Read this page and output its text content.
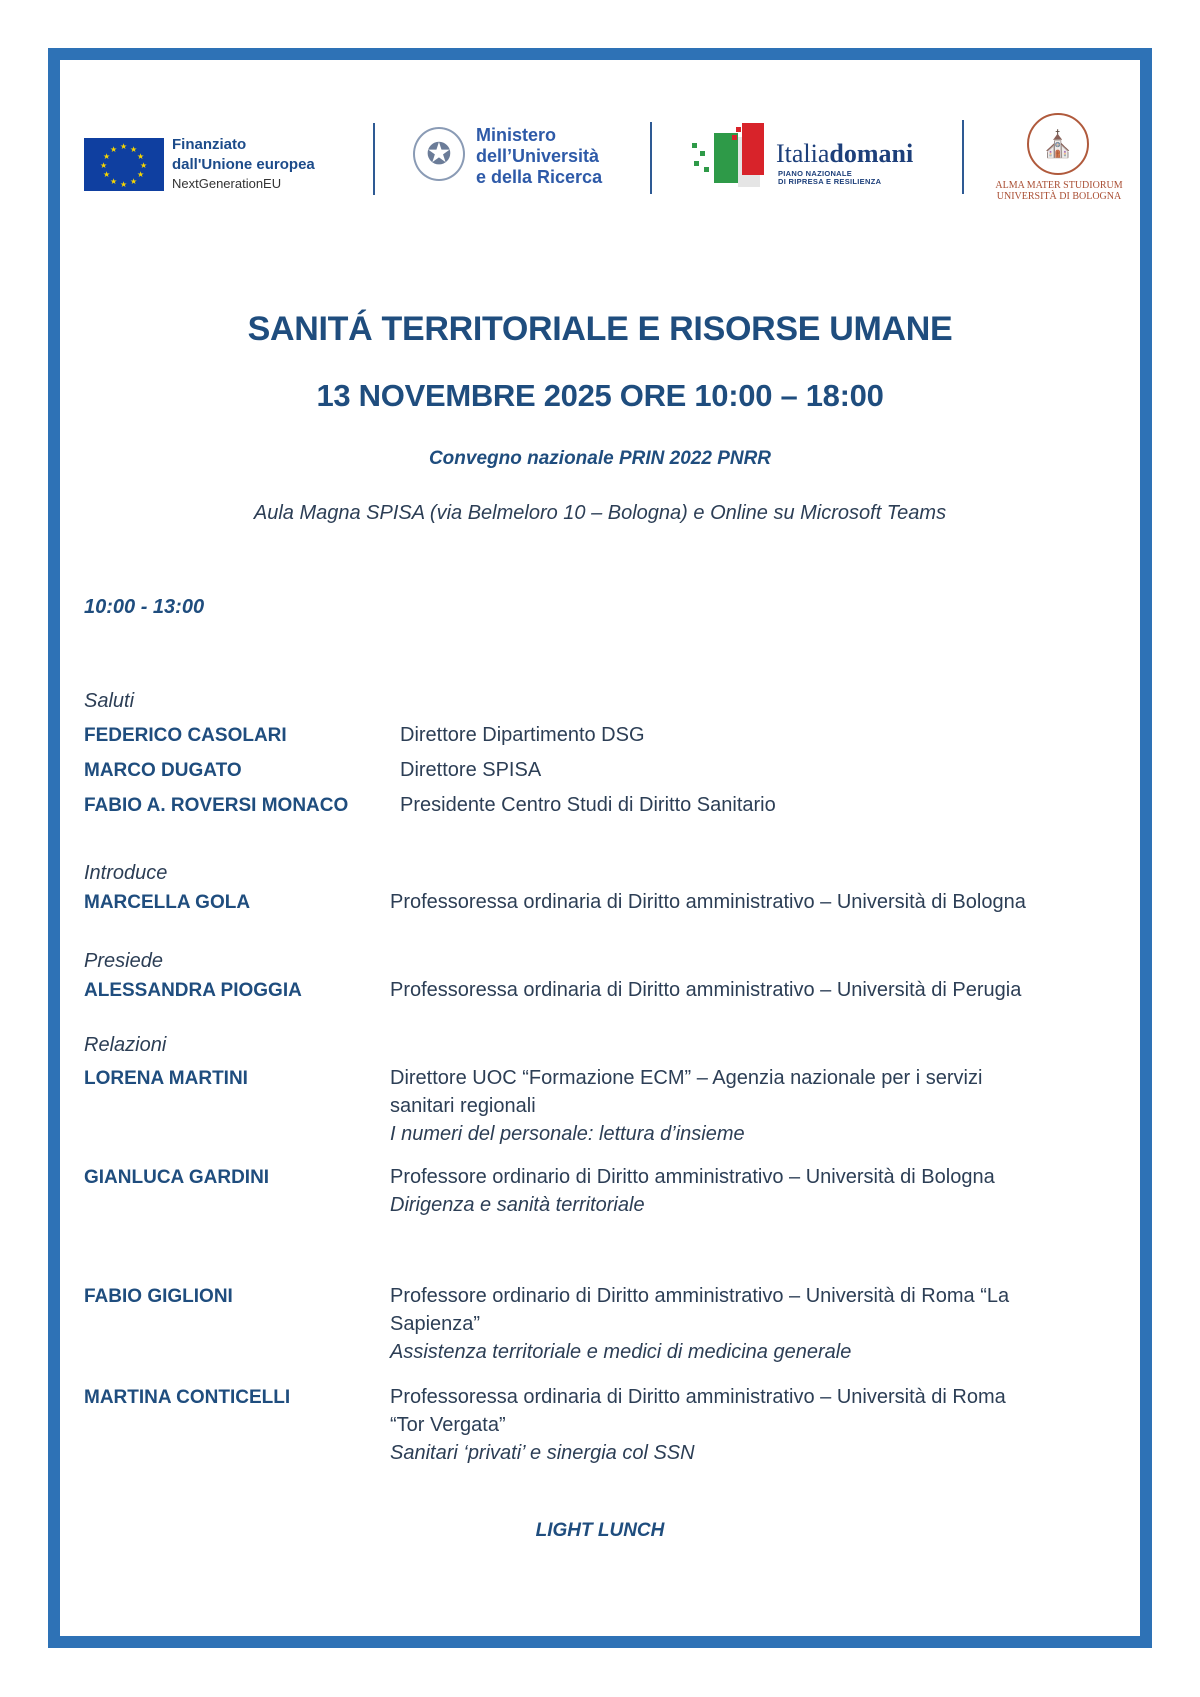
★ ★
★
★
★
★
★
★
★
★
★
★	Finanziato
dall'Unione europea
NextGenerationEU
✪
Ministero
dell’Università
e della Ricerca
Italiadomani
PIANO NAZIONALE
DI RIPRESA E RESILIENZA
⛪
ALMA MATER STUDIORUM
UNIVERSITÀ DI BOLOGNA
SANITÁ TERRITORIALE E RISORSE UMANE
13 NOVEMBRE 2025 ORE 10:00 – 18:00
Convegno nazionale PRIN 2022 PNRR
Aula Magna SPISA (via Belmeloro 10 – Bologna) e Online su Microsoft Teams
10:00 - 13:00
Saluti
FEDERICO CASOLARI	Direttore Dipartimento DSG
MARCO DUGATO	Direttore SPISA
FABIO A. ROVERSI MONACO	Presidente Centro Studi di Diritto Sanitario
Introduce
MARCELLA GOLA	Professoressa ordinaria di Diritto amministrativo – Università di Bologna
Presiede
ALESSANDRA PIOGGIA	Professoressa ordinaria di Diritto amministrativo – Università di Perugia
Relazioni
LORENA MARTINI	Direttore UOC “Formazione ECM” – Agenzia nazionale per i servizi
sanitari regionali
I numeri del personale: lettura d’insieme
GIANLUCA GARDINI	Professore ordinario di Diritto amministrativo – Università di Bologna
Dirigenza e sanità territoriale
FABIO GIGLIONI	Professore ordinario di Diritto amministrativo – Università di Roma “La
Sapienza”
Assistenza territoriale e medici di medicina generale
MARTINA CONTICELLI	Professoressa ordinaria di Diritto amministrativo – Università di Roma
“Tor Vergata”
Sanitari ‘privati’ e sinergia col SSN
LIGHT LUNCH
